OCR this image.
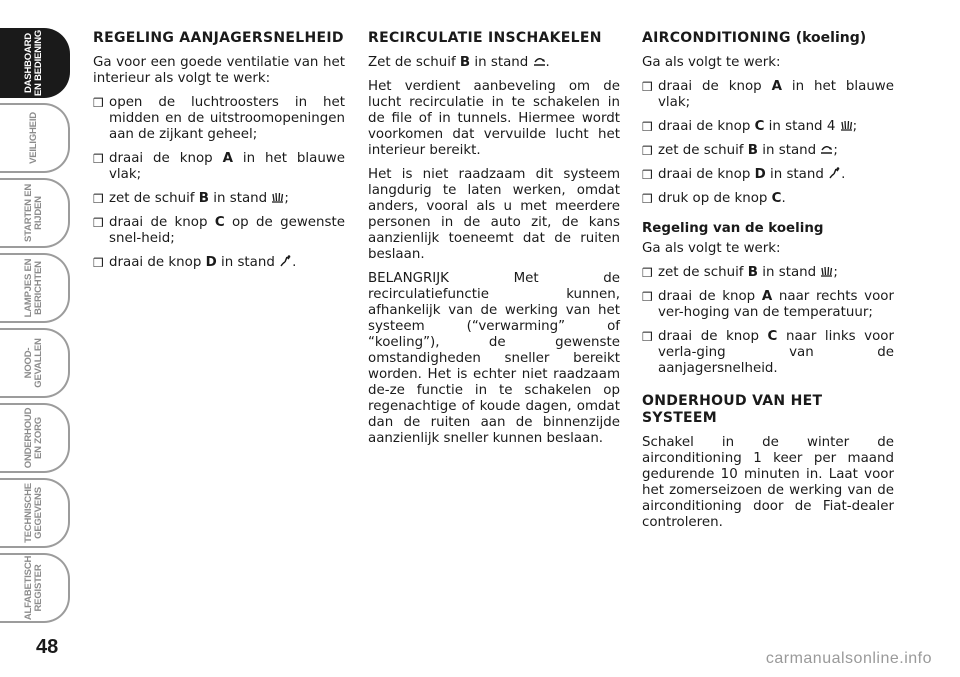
DASHBOARD
EN BEDIENING
VEILIGHEID
STARTEN EN
RIJDEN
LAMPJES EN
BERICHTEN
NOOD-
GEVALLEN
ONDERHOUD
EN ZORG
TECHNISCHE
GEGEVENS
ALFABETISCH
REGISTER
48
REGELING AANJAGERSNELHEID

Ga voor een goede ventilatie van het interieur als volgt te werk:

❒ open de luchtroosters in het midden en de uitstroomopeningen aan de zijkant geheel;
❒ draai de knop A in het blauwe vlak;
❒ zet de schuif B in stand ;
❒ draai de knop C op de gewenste snel-heid;
❒ draai de knop D in stand .
RECIRCULATIE INSCHAKELEN

Zet de schuif B in stand .

Het verdient aanbeveling om de lucht recirculatie in te schakelen in de file of in tunnels. Hiermee wordt voorkomen dat vervuilde lucht het interieur bereikt.

Het is niet raadzaam dit systeem langdurig te laten werken, omdat anders, vooral als u met meerdere personen in de auto zit, de kans aanzienlijk toeneemt dat de ruiten beslaan.

BELANGRIJK Met de recirculatiefunctie kunnen, afhankelijk van de werking van het systeem (“verwarming” of “koeling”), de gewenste omstandigheden sneller bereikt worden. Het is echter niet raadzaam de-ze functie in te schakelen op regenachtige of koude dagen, omdat dan de ruiten aan de binnenzijde aanzienlijk sneller kunnen beslaan.

AIRCONDITIONING (koeling)

Ga als volgt te werk:

❒ draai de knop A in het blauwe vlak;
❒ draai de knop C in stand 4 ;
❒ zet de schuif B in stand ;
❒ draai de knop D in stand .
❒ druk op de knop C.
Regeling van de koeling

Ga als volgt te werk:

❒ zet de schuif B in stand ;
❒ draai de knop A naar rechts voor ver-hoging van de temperatuur;
❒ draai de knop C naar links voor verla-ging van de aanjagersnelheid.
ONDERHOUD VAN HET SYSTEEM

Schakel in de winter de airconditioning 1 keer per maand gedurende 10 minuten in. Laat voor het zomerseizoen de werking van de airconditioning door de Fiat-dealer controleren.

carmanualsonline.info
